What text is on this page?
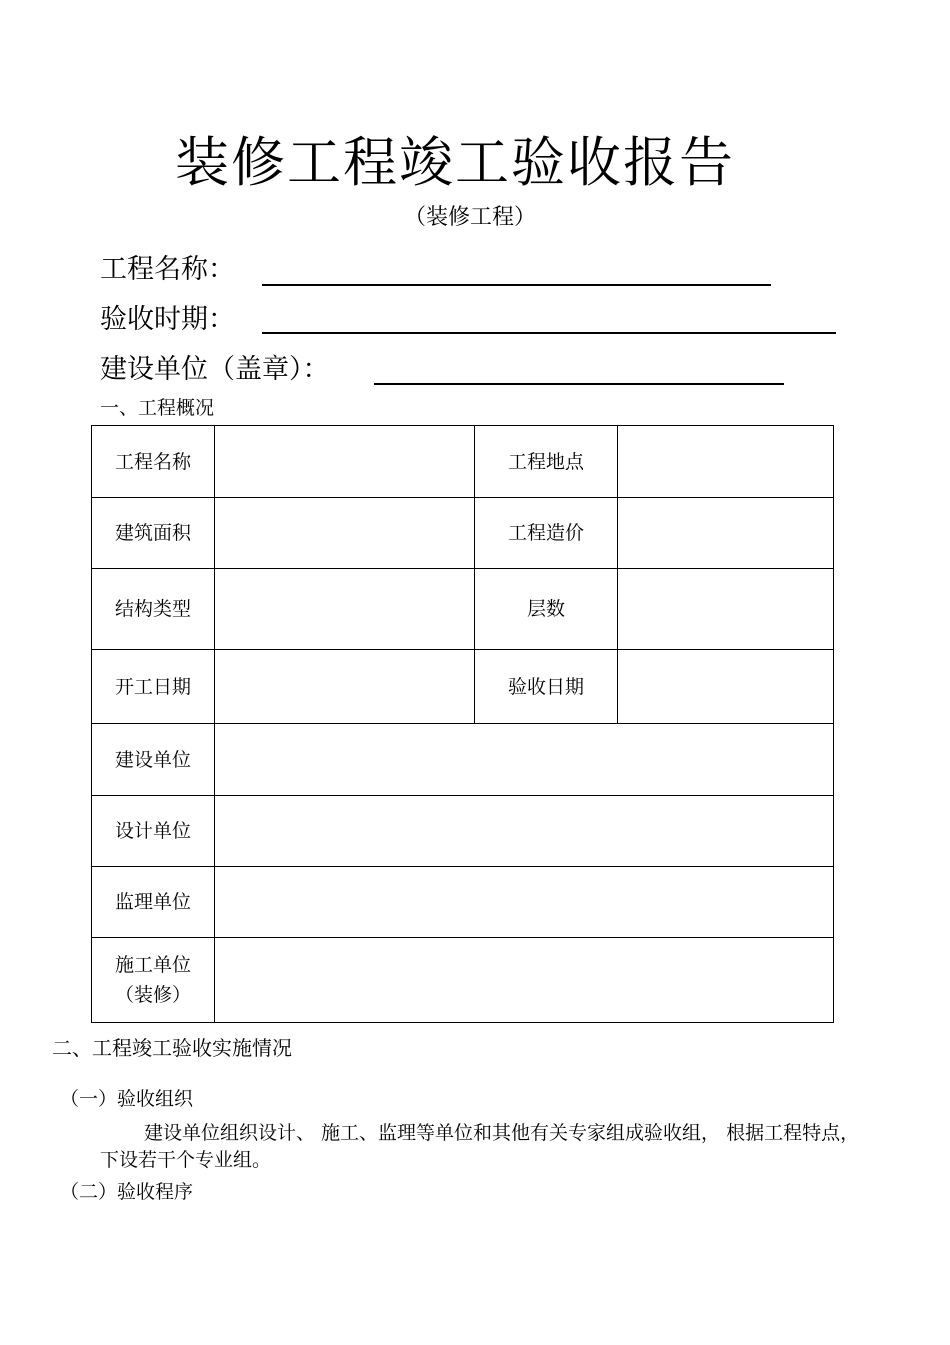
装修工程竣工验收报告
（装修工程）
工程名称：
验收时期：
建设单位（盖章）：
一、工程概况
工程名称		工程地点	
建筑面积		工程造价	
结构类型		层数	
开工日期		验收日期	
建设单位			
设计单位			
监理单位			

施工单位
（装修）			

二、工程竣工验收实施情况
（一）验收组织
建设单位组织设计、 施工、监理等单位和其他有关专家组成验收组， 根据工程特点，下设若干个专业组。
（二）验收程序
